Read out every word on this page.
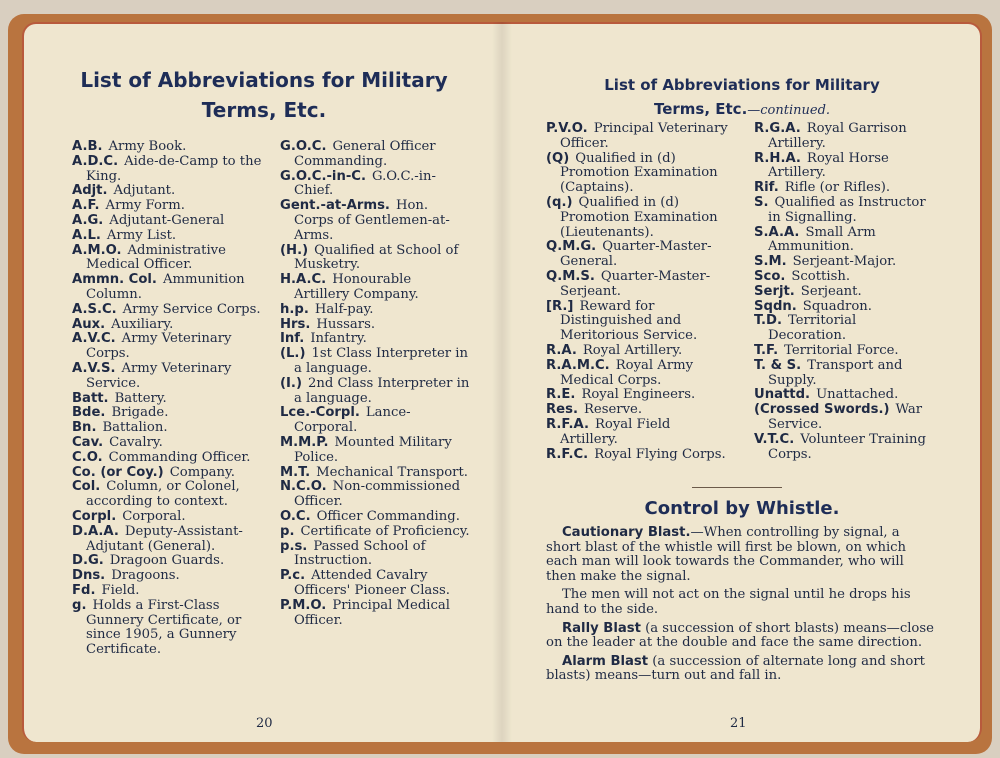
List of Abbreviations for Military
Terms, Etc.

A.B. Army Book.

A.D.C. Aide-de-Camp to the King.

Adjt. Adjutant.

A.F. Army Form.

A.G. Adjutant-General

A.L. Army List.

A.M.O. Administrative Medical Officer.

Ammn. Col. Ammunition Column.

A.S.C. Army Service Corps.

Aux. Auxiliary.

A.V.C. Army Veterinary Corps.

A.V.S. Army Veterinary Service.

Batt. Battery.

Bde. Brigade.

Bn. Battalion.

Cav. Cavalry.

C.O. Commanding Officer.

Co. (or Coy.) Company.

Col. Column, or Colonel, according to context.

Corpl. Corporal.

D.A.A. Deputy-Assistant-Adjutant (General).

D.G. Dragoon Guards.

Dns. Dragoons.

Fd. Field.

g. Holds a First-Class Gunnery Certificate, or since 1905, a Gunnery Certificate.

G.O.C. General Officer Commanding.

G.O.C.-in-C. G.O.C.-in-Chief.

Gent.-at-Arms. Hon. Corps of Gentlemen-at-Arms.

(H.) Qualified at School of Musketry.

H.A.C. Honourable Artillery Company.

h.p. Half-pay.

Hrs. Hussars.

Inf. Infantry.

(L.) 1st Class Interpreter in a language.

(I.) 2nd Class Interpreter in a language.

Lce.-Corpl. Lance-Corporal.

M.M.P. Mounted Military Police.

M.T. Mechanical Transport.

N.C.O. Non-commissioned Officer.

O.C. Officer Commanding.

p. Certificate of Proficiency.

p.s. Passed School of Instruction.

P.c. Attended Cavalry Officers' Pioneer Class.

P.M.O. Principal Medical Officer.

20
List of Abbreviations for Military
Terms, Etc.—continued.

P.V.O. Principal Veterinary Officer.

(Q) Qualified in (d) Promotion Examination (Captains).

(q.) Qualified in (d) Promotion Examination (Lieutenants).

Q.M.G. Quarter-Master-General.

Q.M.S. Quarter-Master-Serjeant.

[R.] Reward for Distinguished and Meritorious Service.

R.A. Royal Artillery.

R.A.M.C. Royal Army Medical Corps.

R.E. Royal Engineers.

Res. Reserve.

R.F.A. Royal Field Artillery.

R.F.C. Royal Flying Corps.

R.G.A. Royal Garrison Artillery.

R.H.A. Royal Horse Artillery.

Rif. Rifle (or Rifles).

S. Qualified as Instructor in Signalling.

S.A.A. Small Arm Ammunition.

S.M. Serjeant-Major.

Sco. Scottish.

Serjt. Serjeant.

Sqdn. Squadron.

T.D. Territorial Decoration.

T.F. Territorial Force.

T. & S. Transport and Supply.

Unattd. Unattached.

(Crossed Swords.) War Service.

V.T.C. Volunteer Training Corps.

Control by Whistle.

Cautionary Blast.—When controlling by signal, a short blast of the whistle will first be blown, on which each man will look towards the Commander, who will then make the signal.

The men will not act on the signal until he drops his hand to the side.

Rally Blast (a succession of short blasts) means—close on the leader at the double and face the same direction.

Alarm Blast (a succession of alternate long and short blasts) means—turn out and fall in.

21
